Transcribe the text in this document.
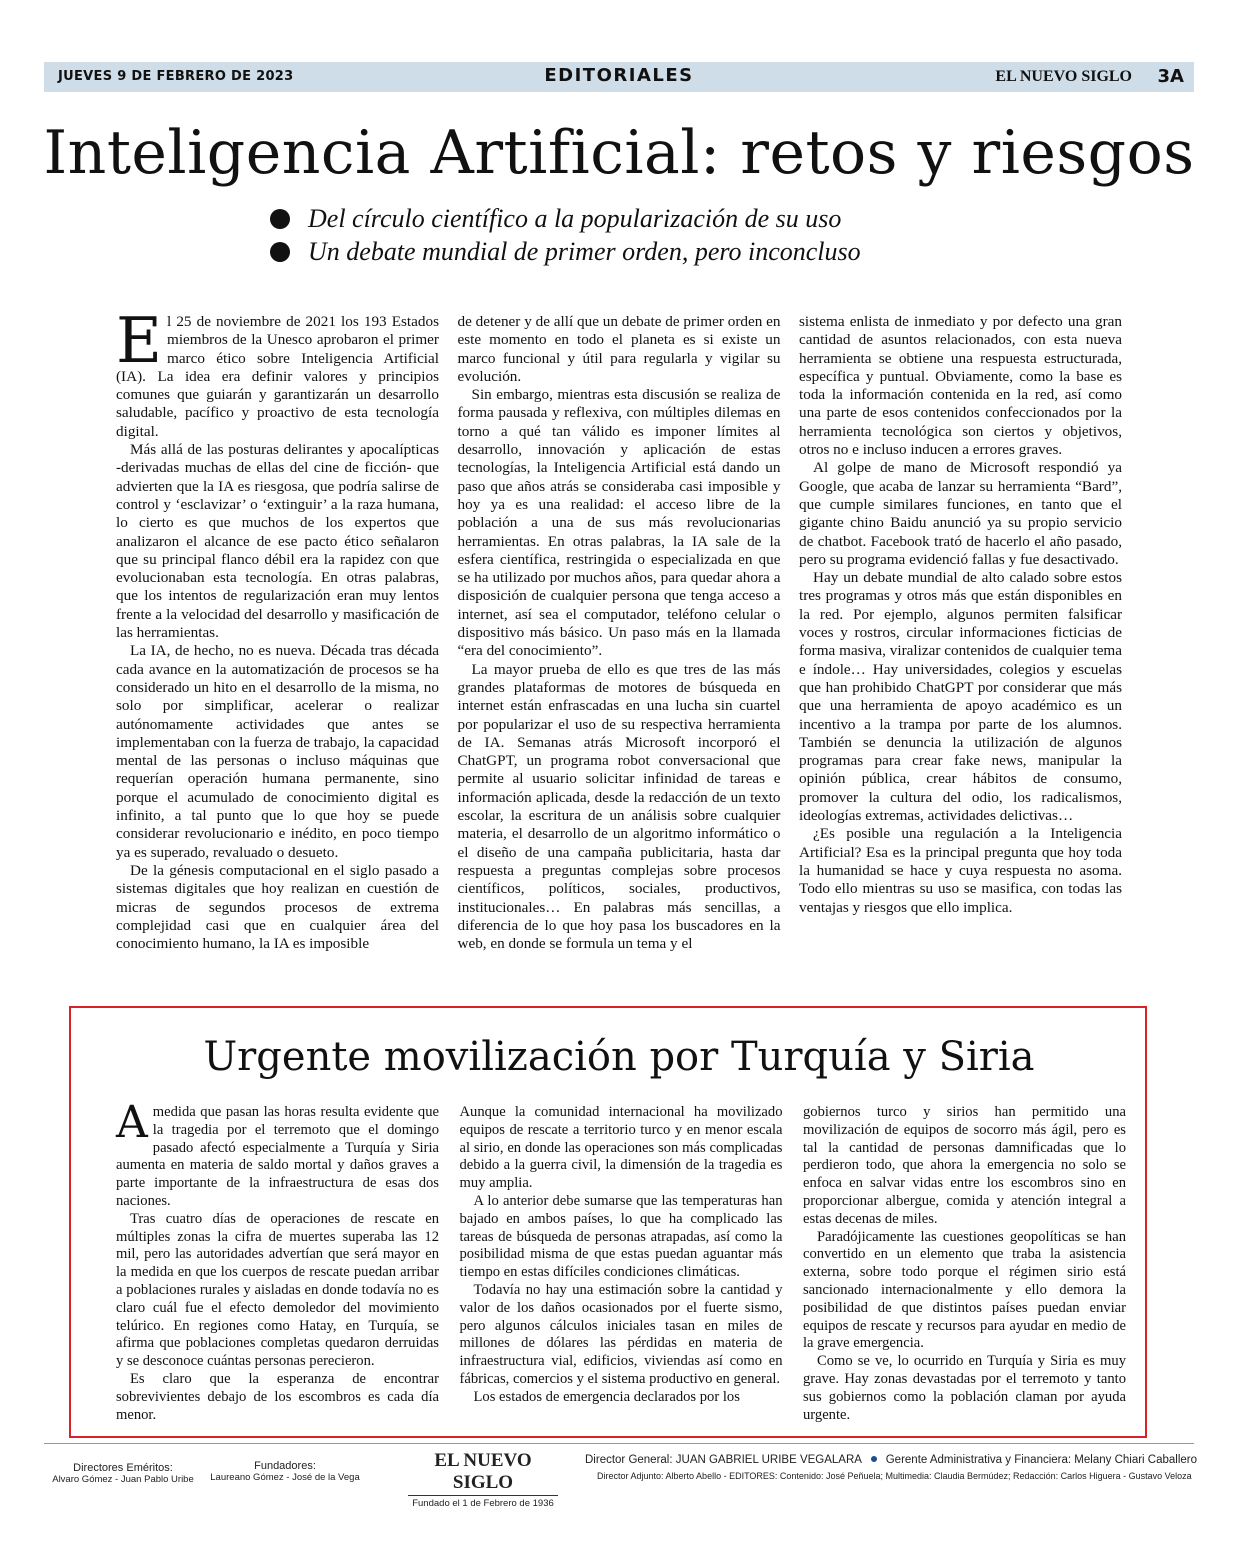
JUEVES 9 DE FEBRERO DE 2023	EDITORIALES	EL NUEVO SIGLO 3A
Inteligencia Artificial: retos y riesgos
Del círculo científico a la popularización de su uso
Un debate mundial de primer orden, pero inconcluso

El 25 de noviembre de 2021 los 193 Estados miembros de la Unesco aprobaron el primer marco ético sobre Inteligencia Artificial (IA). La idea era definir valores y principios comunes que guiarán y garantizarán un desarrollo saludable, pacífico y proactivo de esta tecnología digital.

Más allá de las posturas delirantes y apocalípticas -derivadas muchas de ellas del cine de ficción- que advierten que la IA es riesgosa, que podría salirse de control y ‘esclavizar’ o ‘extinguir’ a la raza humana, lo cierto es que muchos de los expertos que analizaron el alcance de ese pacto ético señalaron que su principal flanco débil era la rapidez con que evolucionaban esta tecnología. En otras palabras, que los intentos de regularización eran muy lentos frente a la velocidad del desarrollo y masificación de las herramientas.

La IA, de hecho, no es nueva. Década tras década cada avance en la automatización de procesos se ha considerado un hito en el desarrollo de la misma, no solo por simplificar, acelerar o realizar autónomamente actividades que antes se implementaban con la fuerza de trabajo, la capacidad mental de las personas o incluso máquinas que requerían operación humana permanente, sino porque el acumulado de conocimiento digital es infinito, a tal punto que lo que hoy se puede considerar revolucionario e inédito, en poco tiempo ya es superado, revaluado o desueto.

De la génesis computacional en el siglo pasado a sistemas digitales que hoy realizan en cuestión de micras de segundos procesos de extrema complejidad casi que en cualquier área del conocimiento humano, la IA es imposible

de detener y de allí que un debate de primer orden en este momento en todo el planeta es si existe un marco funcional y útil para regularla y vigilar su evolución.

Sin embargo, mientras esta discusión se realiza de forma pausada y reflexiva, con múltiples dilemas en torno a qué tan válido es imponer límites al desarrollo, innovación y aplicación de estas tecnologías, la Inteligencia Artificial está dando un paso que años atrás se consideraba casi imposible y hoy ya es una realidad: el acceso libre de la población a una de sus más revolucionarias herramientas. En otras palabras, la IA sale de la esfera científica, restringida o especializada en que se ha utilizado por muchos años, para quedar ahora a disposición de cualquier persona que tenga acceso a internet, así sea el computador, teléfono celular o dispositivo más básico. Un paso más en la llamada “era del conocimiento”.

La mayor prueba de ello es que tres de las más grandes plataformas de motores de búsqueda en internet están enfrascadas en una lucha sin cuartel por popularizar el uso de su respectiva herramienta de IA. Semanas atrás Microsoft incorporó el ChatGPT, un programa robot conversacional que permite al usuario solicitar infinidad de tareas e información aplicada, desde la redacción de un texto escolar, la escritura de un análisis sobre cualquier materia, el desarrollo de un algoritmo informático o el diseño de una campaña publicitaria, hasta dar respuesta a preguntas complejas sobre procesos científicos, políticos, sociales, productivos, institucionales… En palabras más sencillas, a diferencia de lo que hoy pasa los buscadores en la web, en donde se formula un tema y el

sistema enlista de inmediato y por defecto una gran cantidad de asuntos relacionados, con esta nueva herramienta se obtiene una respuesta estructurada, específica y puntual. Obviamente, como la base es toda la información contenida en la red, así como una parte de esos contenidos confeccionados por la herramienta tecnológica son ciertos y objetivos, otros no e incluso inducen a errores graves.

Al golpe de mano de Microsoft respondió ya Google, que acaba de lanzar su herramienta “Bard”, que cumple similares funciones, en tanto que el gigante chino Baidu anunció ya su propio servicio de chatbot. Facebook trató de hacerlo el año pasado, pero su programa evidenció fallas y fue desactivado.

Hay un debate mundial de alto calado sobre estos tres programas y otros más que están disponibles en la red. Por ejemplo, algunos permiten falsificar voces y rostros, circular informaciones ficticias de forma masiva, viralizar contenidos de cualquier tema e índole… Hay universidades, colegios y escuelas que han prohibido ChatGPT por considerar que más que una herramienta de apoyo académico es un incentivo a la trampa por parte de los alumnos. También se denuncia la utilización de algunos programas para crear fake news, manipular la opinión pública, crear hábitos de consumo, promover la cultura del odio, los radicalismos, ideologías extremas, actividades delictivas…

¿Es posible una regulación a la Inteligencia Artificial? Esa es la principal pregunta que hoy toda la humanidad se hace y cuya respuesta no asoma. Todo ello mientras su uso se masifica, con todas las ventajas y riesgos que ello implica.

Urgente movilización por Turquía y Siria

Amedida que pasan las horas resulta evidente que la tragedia por el terremoto que el domingo pasado afectó especialmente a Turquía y Siria aumenta en materia de saldo mortal y daños graves a parte importante de la infraestructura de esas dos naciones.

Tras cuatro días de operaciones de rescate en múltiples zonas la cifra de muertes superaba las 12 mil, pero las autoridades advertían que será mayor en la medida en que los cuerpos de rescate puedan arribar a poblaciones rurales y aisladas en donde todavía no es claro cuál fue el efecto demoledor del movimiento telúrico. En regiones como Hatay, en Turquía, se afirma que poblaciones completas quedaron derruidas y se desconoce cuántas personas perecieron.

Es claro que la esperanza de encontrar sobrevivientes debajo de los escombros es cada día menor.

Aunque la comunidad internacional ha movilizado equipos de rescate a territorio turco y en menor escala al sirio, en donde las operaciones son más complicadas debido a la guerra civil, la dimensión de la tragedia es muy amplia.

A lo anterior debe sumarse que las temperaturas han bajado en ambos países, lo que ha complicado las tareas de búsqueda de personas atrapadas, así como la posibilidad misma de que estas puedan aguantar más tiempo en estas difíciles condiciones climáticas.

Todavía no hay una estimación sobre la cantidad y valor de los daños ocasionados por el fuerte sismo, pero algunos cálculos iniciales tasan en miles de millones de dólares las pérdidas en materia de infraestructura vial, edificios, viviendas así como en fábricas, comercios y el sistema productivo en general.

Los estados de emergencia declarados por los

gobiernos turco y sirios han permitido una movilización de equipos de socorro más ágil, pero es tal la cantidad de personas damnificadas que lo perdieron todo, que ahora la emergencia no solo se enfoca en salvar vidas entre los escombros sino en proporcionar albergue, comida y atención integral a estas decenas de miles.

Paradójicamente las cuestiones geopolíticas se han convertido en un elemento que traba la asistencia externa, sobre todo porque el régimen sirio está sancionado internacionalmente y ello demora la posibilidad de que distintos países puedan enviar equipos de rescate y recursos para ayudar en medio de la grave emergencia.

Como se ve, lo ocurrido en Turquía y Siria es muy grave. Hay zonas devastadas por el terremoto y tanto sus gobiernos como la población claman por ayuda urgente.

Directores Eméritos:
Alvaro Gómez - Juan Pablo Uribe
Fundadores:
Laureano Gómez - José de la Vega
EL NUEVO SIGLO
Fundado el 1 de Febrero de 1936
Director General: JUAN GABRIEL URIBE VEGALARA Gerente Administrativa y Financiera: Melany Chiari Caballero
Director Adjunto: Alberto Abello - EDITORES: Contenido: José Peñuela; Multimedia: Claudia Bermúdez; Redacción: Carlos Higuera - Gustavo Veloza
